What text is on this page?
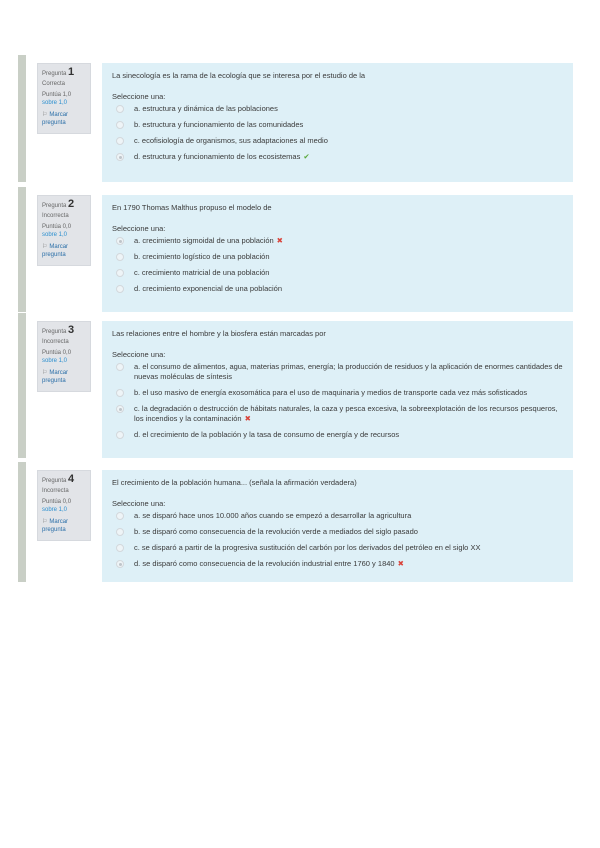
Pregunta 1
Correcta
Puntúa 1,0
sobre 1,0
⚐ Marcar pregunta
La sinecología es la rama de la ecología que se interesa por el estudio de la
Seleccione una:
a. estructura y dinámica de las poblaciones
b. estructura y funcionamiento de las comunidades
c. ecofisiología de organismos, sus adaptaciones al medio
d. estructura y funcionamiento de los ecosistemas ✔
Pregunta 2
Incorrecta
Puntúa 0,0
sobre 1,0
⚐ Marcar pregunta
En 1790 Thomas Malthus propuso el modelo de
Seleccione una:
a. crecimiento sigmoidal de una población ✖
b. crecimiento logístico de una población
c. crecimiento matricial de una población
d. crecimiento exponencial de una población
Pregunta 3
Incorrecta
Puntúa 0,0
sobre 1,0
⚐ Marcar pregunta
Las relaciones entre el hombre y la biosfera están marcadas por
Seleccione una:
a. el consumo de alimentos, agua, materias primas, energía; la producción de residuos y la aplicación de enormes cantidades de nuevas moléculas de síntesis
b. el uso masivo de energía exosomática para el uso de maquinaria y medios de transporte cada vez más sofisticados
c. la degradación o destrucción de hábitats naturales, la caza y pesca excesiva, la sobreexplotación de los recursos pesqueros, los incendios y la contaminación ✖
d. el crecimiento de la población y la tasa de consumo de energía y de recursos
Pregunta 4
Incorrecta
Puntúa 0,0
sobre 1,0
⚐ Marcar pregunta
El crecimiento de la población humana... (señala la afirmación verdadera)
Seleccione una:
a. se disparó hace unos 10.000 años cuando se empezó a desarrollar la agricultura
b. se disparó como consecuencia de la revolución verde a mediados del siglo pasado
c. se disparó a partir de la progresiva sustitución del carbón por los derivados del petróleo en el siglo XX
d. se disparó como consecuencia de la revolución industrial entre 1760 y 1840 ✖
